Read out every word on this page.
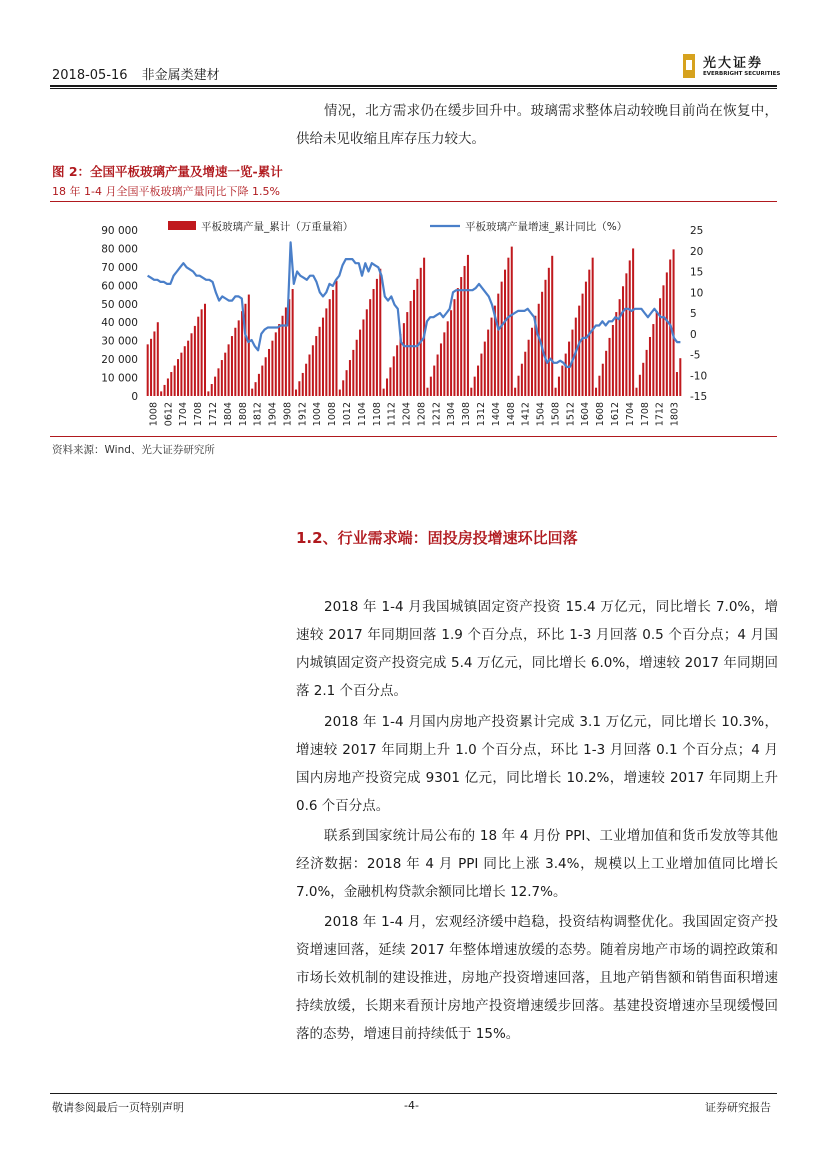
2018-05-16 非金属类建材
光大证券
EVERBRIGHT SECURITIES

情况，北方需求仍在缓步回升中。玻璃需求整体启动较晚目前尚在恢复中，供给未见收缩且库存压力较大。

图 2：全国平板玻璃产量及增速一览-累计
18 年 1-4 月全国平板玻璃产量同比下降 1.5%
平板玻璃产量_累计（万重量箱）	平板玻璃产量增速_累计同比（%）
0
10 000
20 000
30 000
40 000
50 000
60 000
70 000
80 000
90 000
-15
-10
-5
0
5
10
15
20
25
1008 0612 1704 1708 1712 1804 1808 1812 1904 1908 1912 1004 1008 1012 1104 1108 1112 1204 1208 1212 1304 1308 1312 1404 1408 1412 1504 1508 1512 1604 1608 1612 1704 1708 1712 1803
资料来源：Wind、光大证券研究所
1.2、行业需求端：固投房投增速环比回落

2018 年 1-4 月我国城镇固定资产投资 15.4 万亿元，同比增长 7.0%，增速较 2017 年同期回落 1.9 个百分点，环比 1-3 月回落 0.5 个百分点；4 月国内城镇固定资产投资完成 5.4 万亿元，同比增长 6.0%，增速较 2017 年同期回落 2.1 个百分点。

2018 年 1-4 月国内房地产投资累计完成 3.1 万亿元，同比增长 10.3%，增速较 2017 年同期上升 1.0 个百分点，环比 1-3 月回落 0.1 个百分点；4 月国内房地产投资完成 9301 亿元，同比增长 10.2%，增速较 2017 年同期上升 0.6 个百分点。

联系到国家统计局公布的 18 年 4 月份 PPI、工业增加值和货币发放等其他经济数据：2018 年 4 月 PPI 同比上涨 3.4%，规模以上工业增加值同比增长 7.0%，金融机构贷款余额同比增长 12.7%。

2018 年 1-4 月，宏观经济缓中趋稳，投资结构调整优化。我国固定资产投资增速回落，延续 2017 年整体增速放缓的态势。随着房地产市场的调控政策和市场长效机制的建设推进，房地产投资增速回落，且地产销售额和销售面积增速持续放缓，长期来看预计房地产投资增速缓步回落。基建投资增速亦呈现缓慢回落的态势，增速目前持续低于 15%。

敬请参阅最后一页特别声明	-4-	证券研究报告
